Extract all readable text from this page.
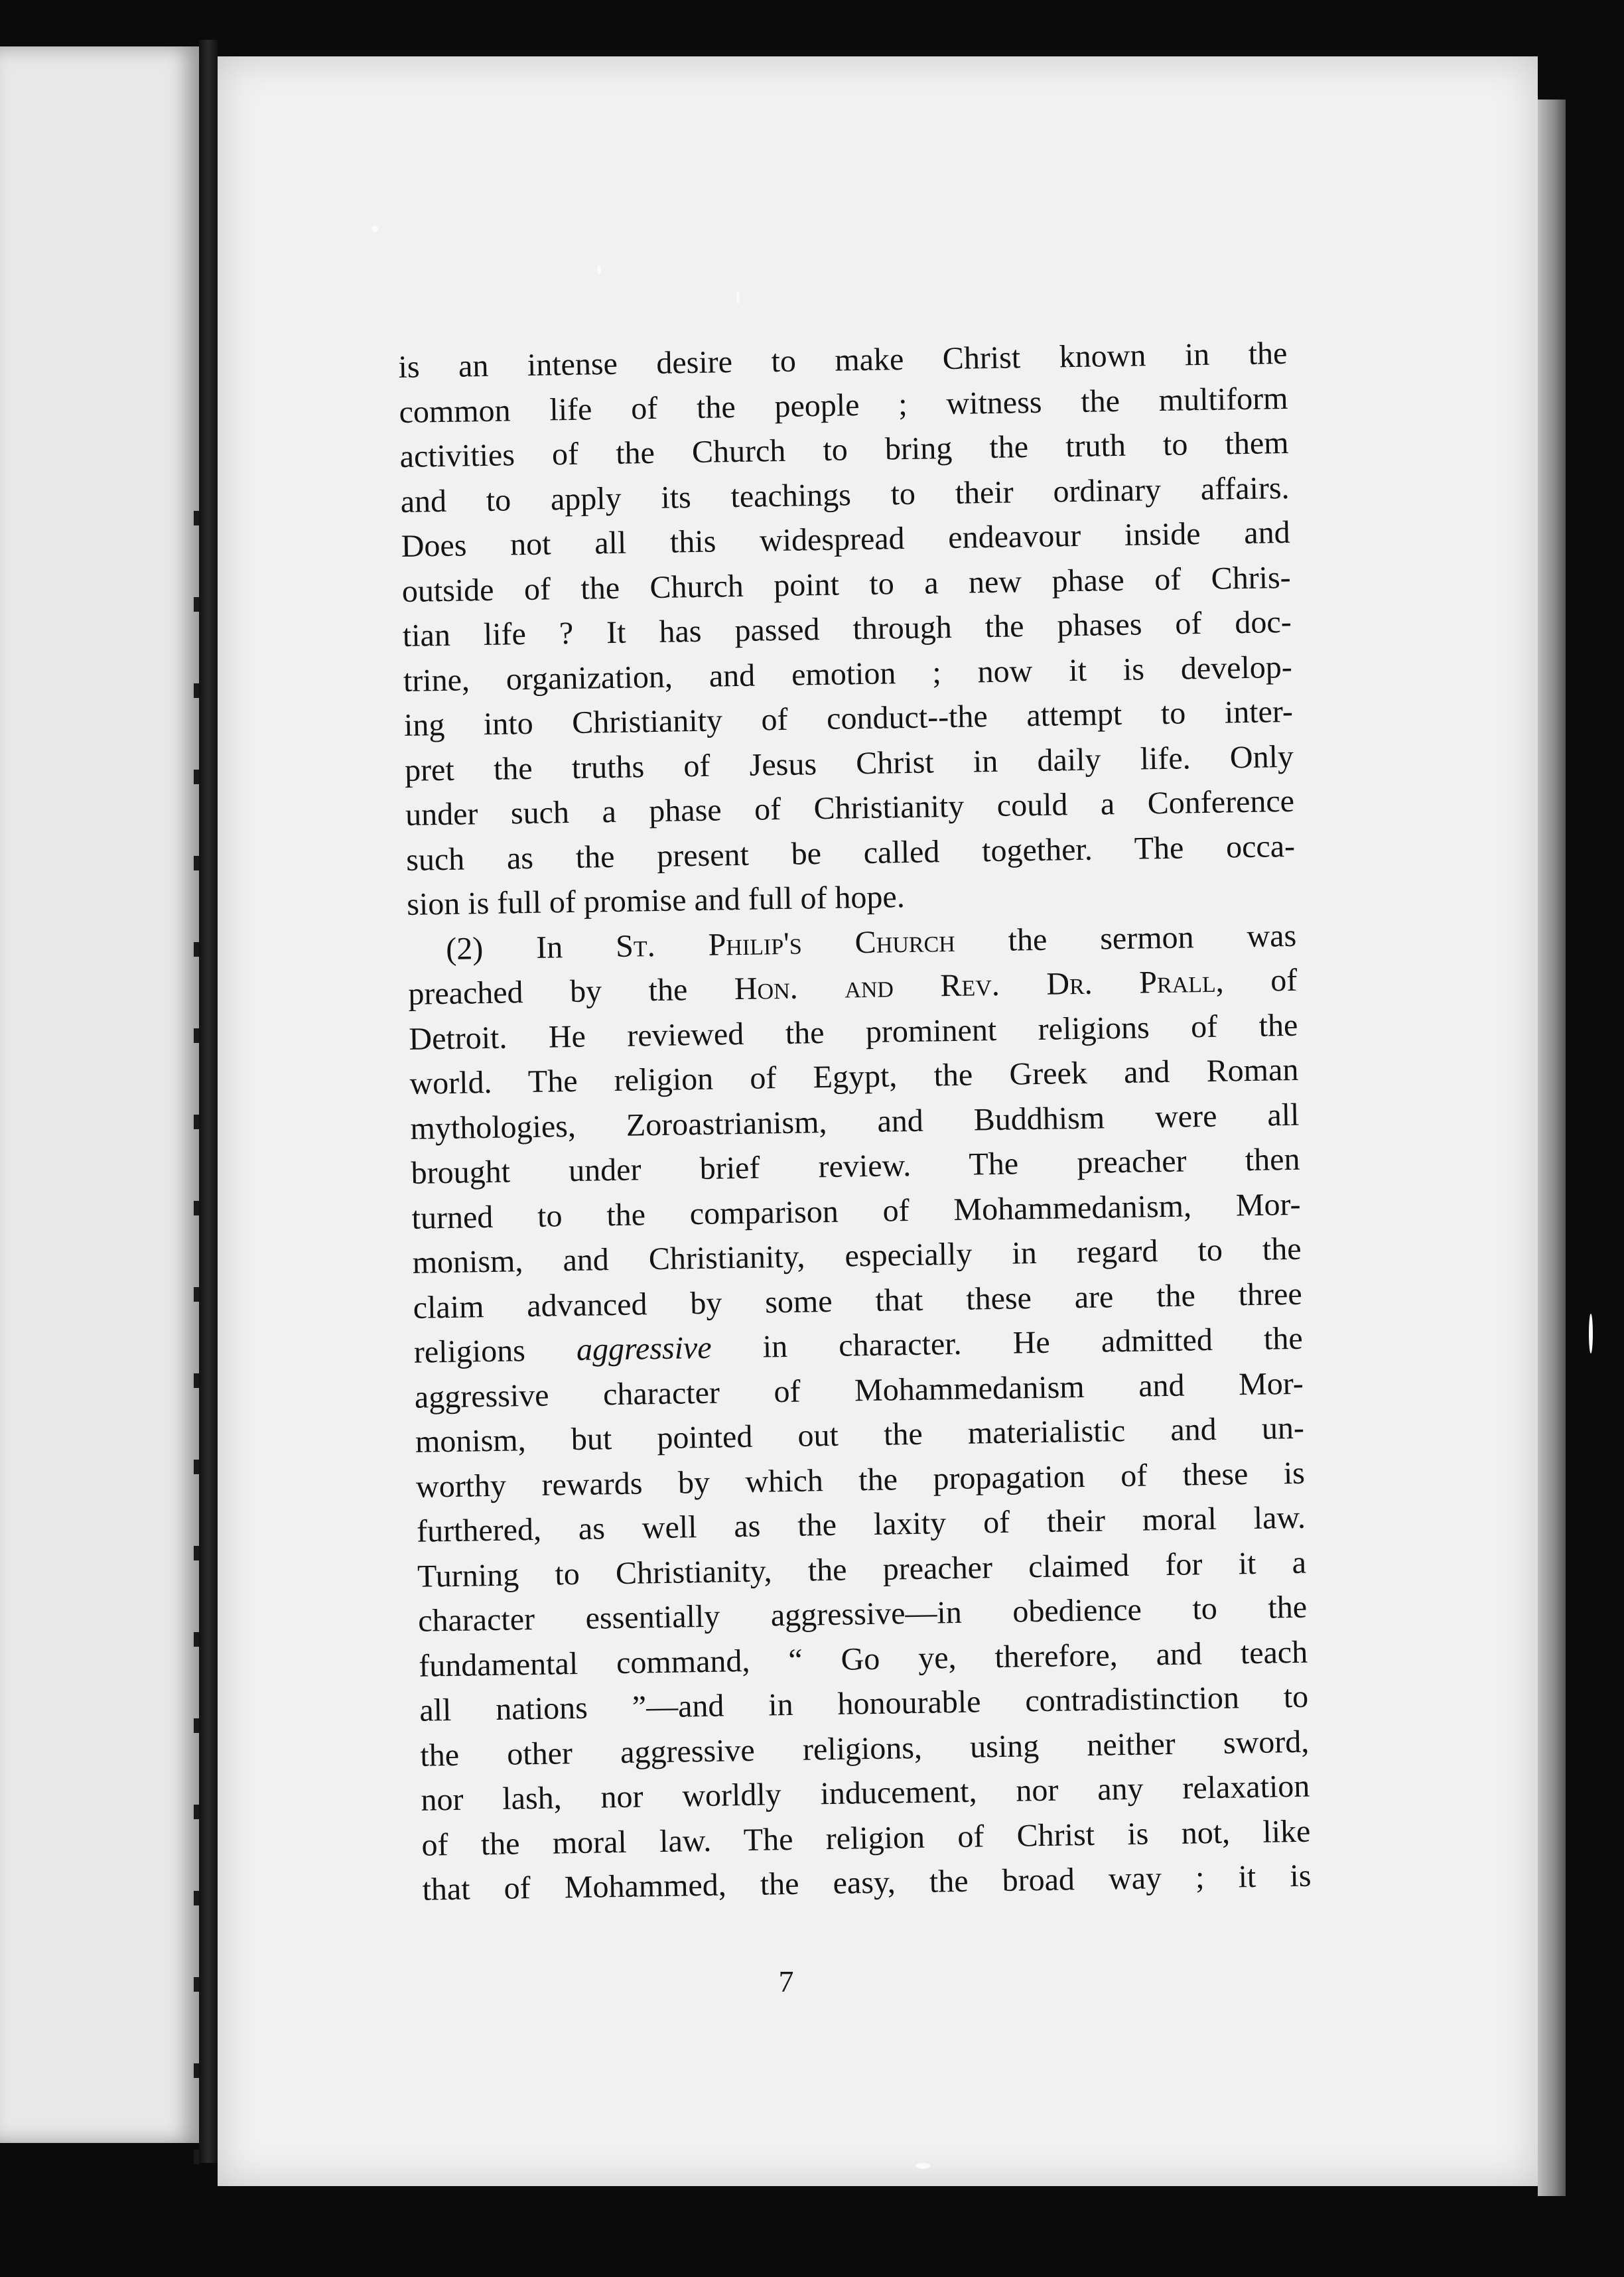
is an intense desire to make Christ known in the

common life of the people ; witness the multiform

activities of the Church to bring the truth to them

and to apply its teachings to their ordinary affairs.

Does not all this widespread endeavour inside and

outside of the Church point to a new phase of Chris-

tian life ? It has passed through the phases of doc-

trine, organization, and emotion ; now it is develop-

ing into Christianity of conduct--the attempt to inter-

pret the truths of Jesus Christ in daily life. Only

under such a phase of Christianity could a Conference

such as the present be called together. The occa-

sion is full of promise and full of hope.

(2) In St. Philip's Church the sermon was

preached by the Hon. and Rev. Dr. Prall, of

Detroit. He reviewed the prominent religions of the

world. The religion of Egypt, the Greek and Roman

mythologies, Zoroastrianism, and Buddhism were all

brought under brief review. The preacher then

turned to the comparison of Mohammedanism, Mor-

monism, and Christianity, especially in regard to the

claim advanced by some that these are the three

religions aggressive in character. He admitted the

aggressive character of Mohammedanism and Mor-

monism, but pointed out the materialistic and un-

worthy rewards by which the propagation of these is

furthered, as well as the laxity of their moral law.

Turning to Christianity, the preacher claimed for it a

character essentially aggressive—in obedience to the

fundamental command, “ Go ye, therefore, and teach

all nations ”—and in honourable contradistinction to

the other aggressive religions, using neither sword,

nor lash, nor worldly inducement, nor any relaxation

of the moral law. The religion of Christ is not, like

that of Mohammed, the easy, the broad way ; it is

7
